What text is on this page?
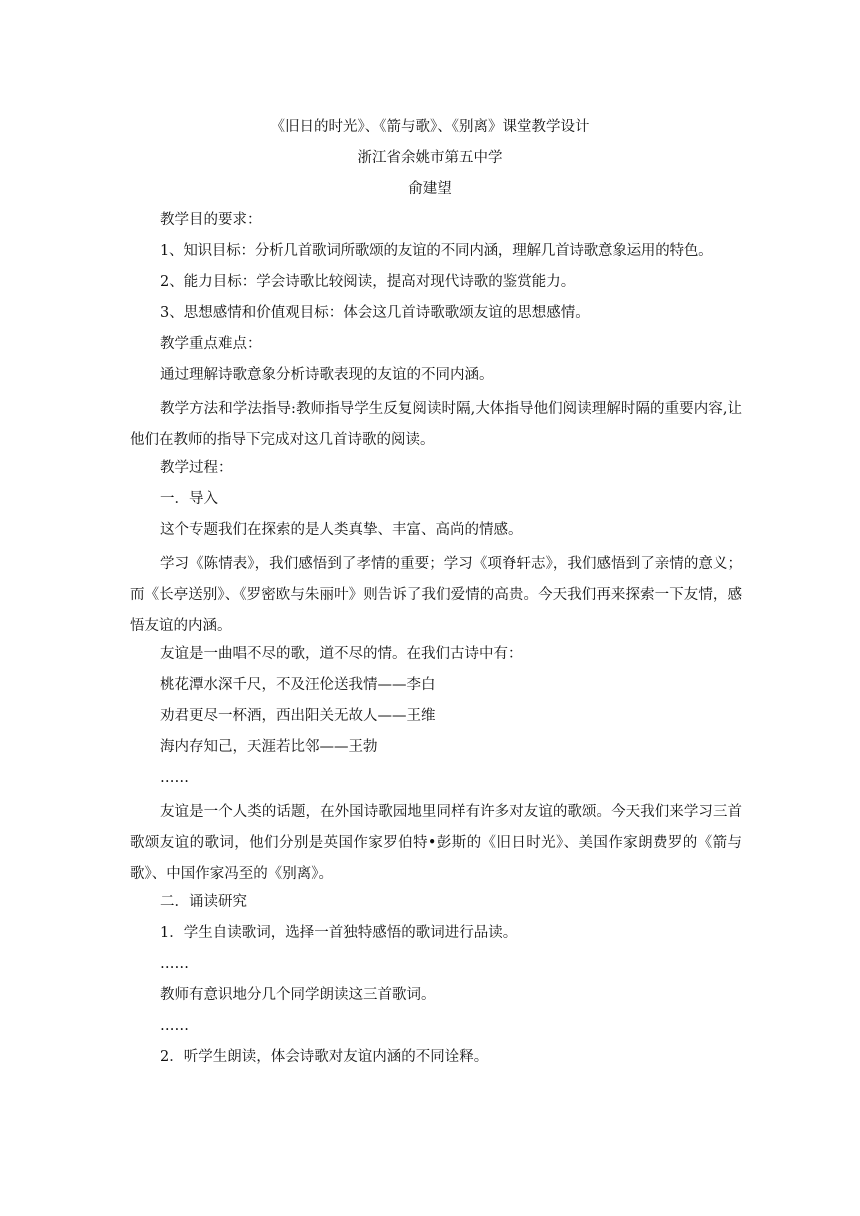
《旧日的时光》、《箭与歌》、《别离》课堂教学设计
浙江省余姚市第五中学
俞建望
教学目的要求：
1、知识目标：分析几首歌词所歌颂的友谊的不同内涵，理解几首诗歌意象运用的特色。
2、能力目标：学会诗歌比较阅读，提高对现代诗歌的鉴赏能力。
3、思想感情和价值观目标：体会这几首诗歌歌颂友谊的思想感情。
教学重点难点：
通过理解诗歌意象分析诗歌表现的友谊的不同内涵。
教学方法和学法指导:教师指导学生反复阅读时隔,大体指导他们阅读理解时隔的重要内容,让他们在教师的指导下完成对这几首诗歌的阅读。
教学过程：
一．导入
这个专题我们在探索的是人类真挚、丰富、高尚的情感。
学习《陈情表》，我们感悟到了孝情的重要；学习《项脊轩志》，我们感悟到了亲情的意义；而《长亭送别》、《罗密欧与朱丽叶》则告诉了我们爱情的高贵。今天我们再来探索一下友情，感悟友谊的内涵。
友谊是一曲唱不尽的歌，道不尽的情。在我们古诗中有：
桃花潭水深千尺，不及汪伦送我情——李白
劝君更尽一杯酒，西出阳关无故人——王维
海内存知己，天涯若比邻——王勃
……
友谊是一个人类的话题，在外国诗歌园地里同样有许多对友谊的歌颂。今天我们来学习三首歌颂友谊的歌词，他们分别是英国作家罗伯特•彭斯的《旧日时光》、美国作家朗费罗的《箭与歌》、中国作家冯至的《别离》。
二．诵读研究
1．学生自读歌词，选择一首独特感悟的歌词进行品读。
……
教师有意识地分几个同学朗读这三首歌词。
……
2．听学生朗读，体会诗歌对友谊内涵的不同诠释。
